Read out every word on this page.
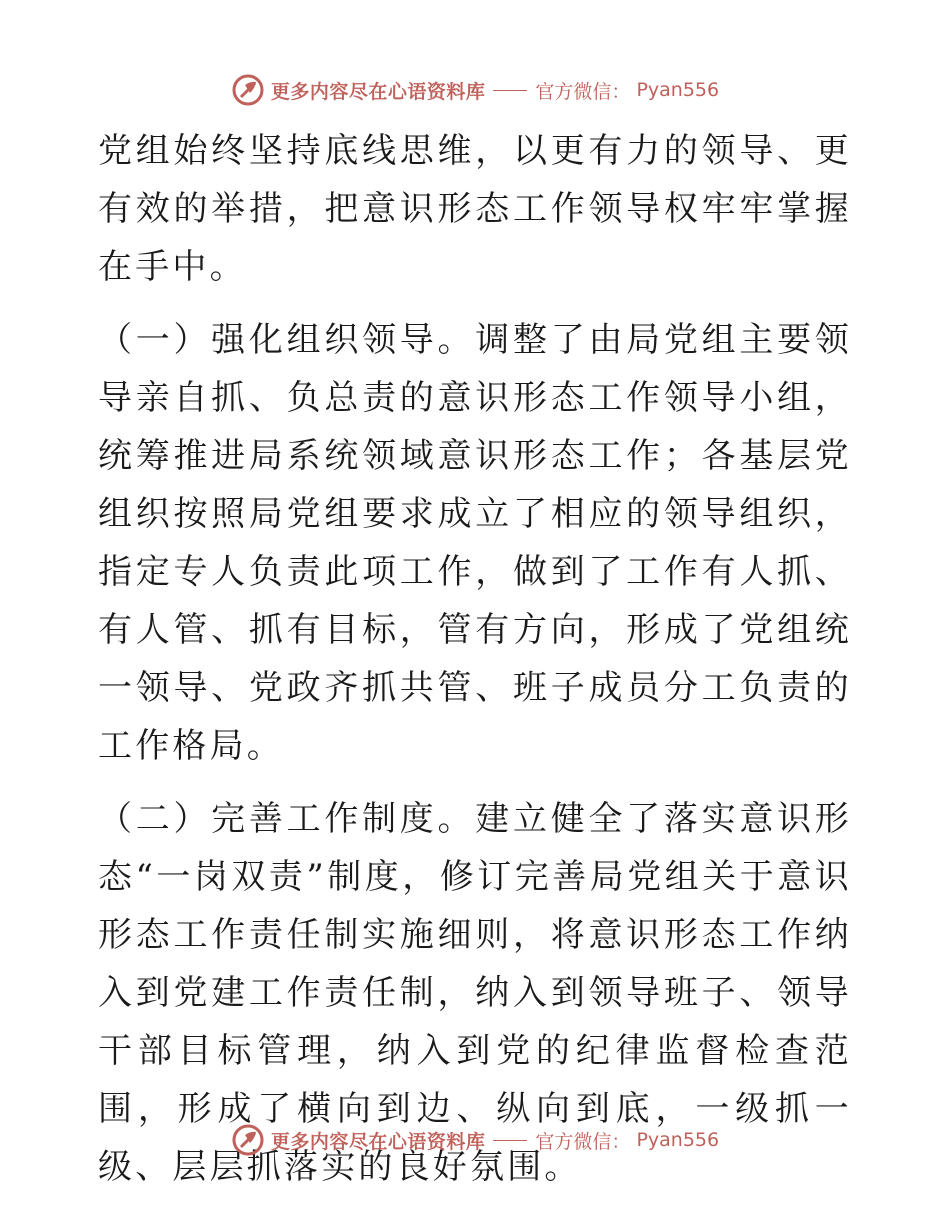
更多内容尽在心语资料库	官方微信： Pyan556

党组始终坚持底线思维，以更有力的领导、更有效的举措，把意识形态工作领导权牢牢掌握在手中。

（一）强化组织领导。调整了由局党组主要领导亲自抓、负总责的意识形态工作领导小组，统筹推进局系统领域意识形态工作；各基层党组织按照局党组要求成立了相应的领导组织，指定专人负责此项工作，做到了工作有人抓、有人管、抓有目标，管有方向，形成了党组统一领导、党政齐抓共管、班子成员分工负责的工作格局。

（二）完善工作制度。建立健全了落实意识形态“一岗双责”制度，修订完善局党组关于意识形态工作责任制实施细则，将意识形态工作纳入到党建工作责任制，纳入到领导班子、领导干部目标管理，纳入到党的纪律监督检查范围，形成了横向到边、纵向到底，一级抓一级、层层抓落实的良好氛围。

更多内容尽在心语资料库	官方微信： Pyan556
